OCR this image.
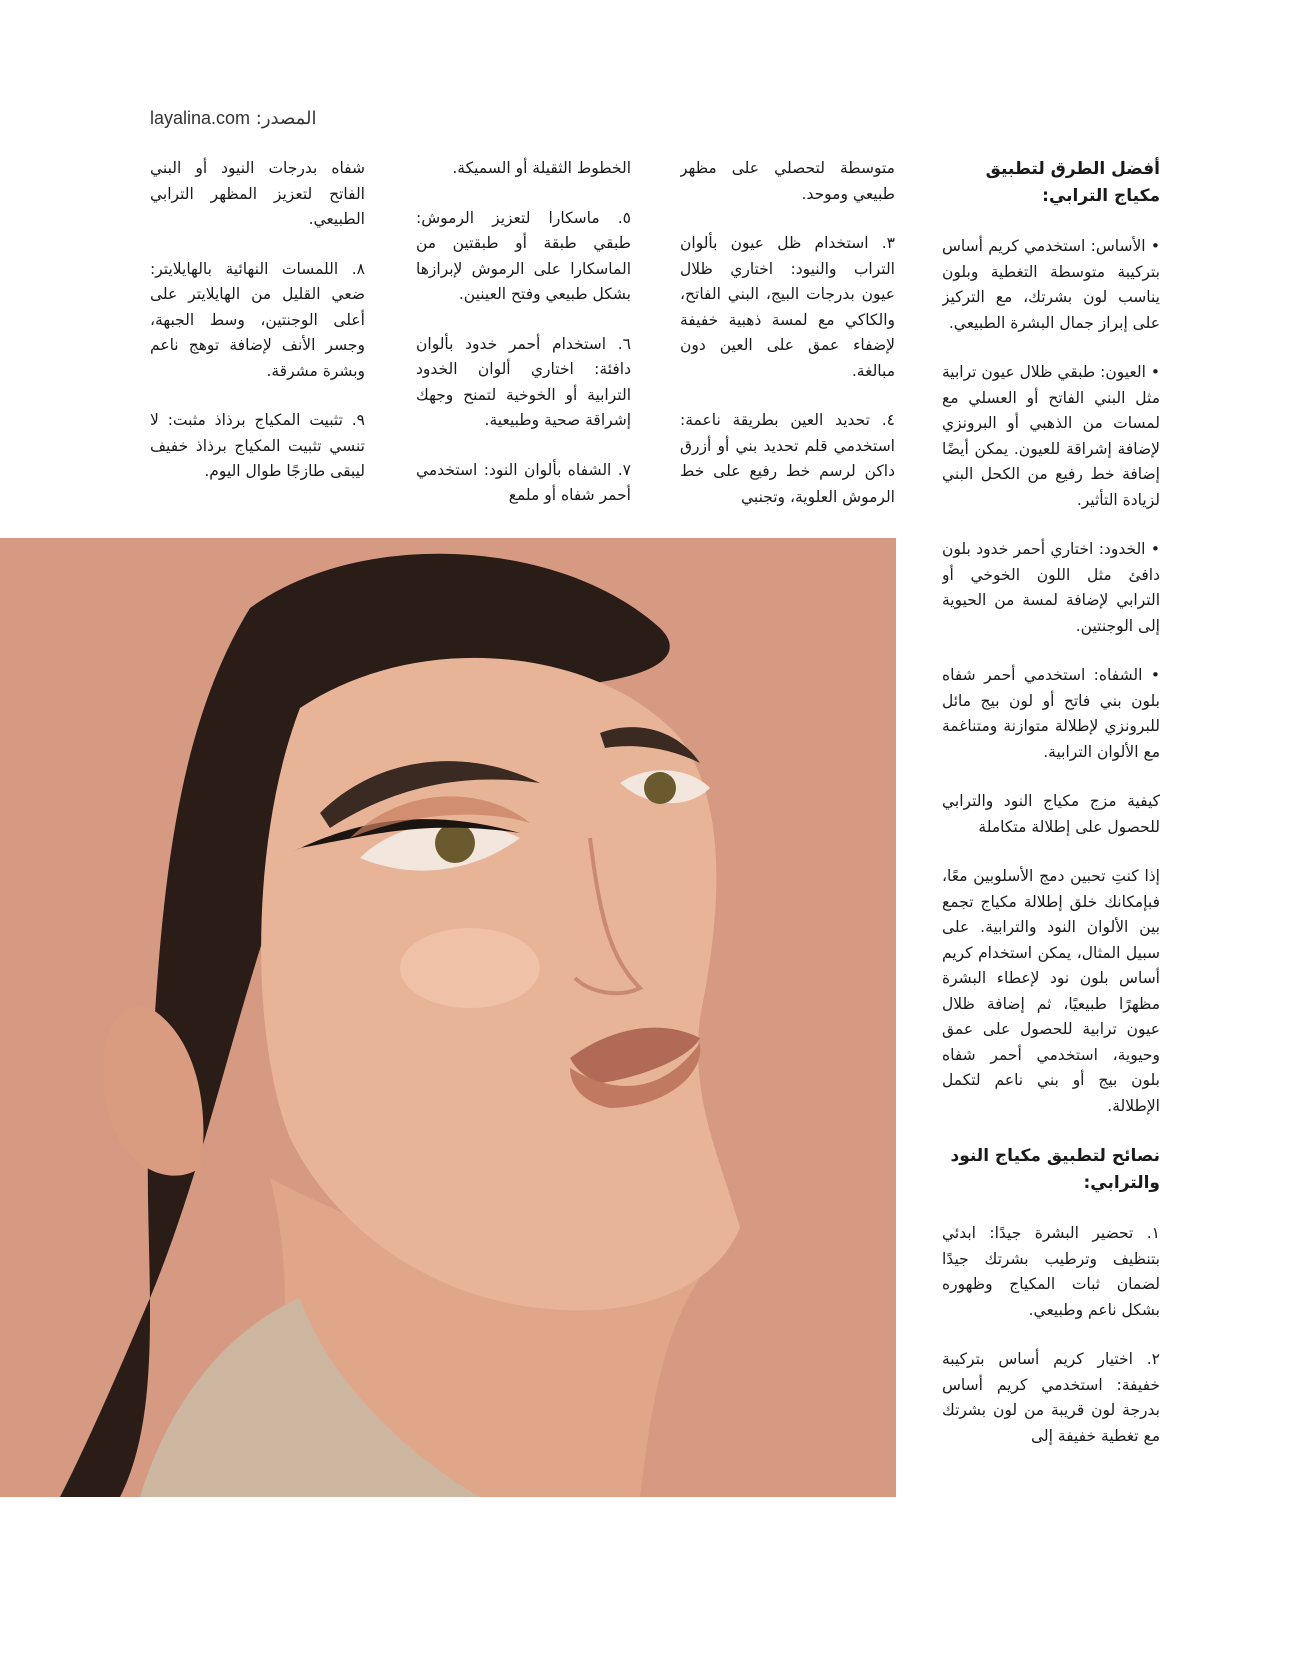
المصدر: layalina.com
أفضل الطرق لتطبيق مكياج الترابي:

• الأساس: استخدمي كريم أساس بتركيبة متوسطة التغطية وبلون يناسب لون بشرتك، مع التركيز على إبراز جمال البشرة الطبيعي.

• العيون: طبقي ظلال عيون ترابية مثل البني الفاتح أو العسلي مع لمسات من الذهبي أو البرونزي لإضافة إشراقة للعيون. يمكن أيضًا إضافة خط رفيع من الكحل البني لزيادة التأثير.

• الخدود: اختاري أحمر خدود بلون دافئ مثل اللون الخوخي أو الترابي لإضافة لمسة من الحيوية إلى الوجنتين.

• الشفاه: استخدمي أحمر شفاه بلون بني فاتح أو لون بيج مائل للبرونزي لإطلالة متوازنة ومتناغمة مع الألوان الترابية.

كيفية مزج مكياج النود والترابي للحصول على إطلالة متكاملة

إذا كنتِ تحبين دمج الأسلوبين معًا، فبإمكانك خلق إطلالة مكياج تجمع بين الألوان النود والترابية. على سبيل المثال، يمكن استخدام كريم أساس بلون نود لإعطاء البشرة مظهرًا طبيعيًا، ثم إضافة ظلال عيون ترابية للحصول على عمق وحيوية، استخدمي أحمر شفاه بلون بيج أو بني ناعم لتكمل الإطلالة.

نصائح لتطبيق مكياج النود والترابي:

١. تحضير البشرة جيدًا: ابدئي بتنظيف وترطيب بشرتك جيدًا لضمان ثبات المكياج وظهوره بشكل ناعم وطبيعي.

٢. اختيار كريم أساس بتركيبة خفيفة: استخدمي كريم أساس بدرجة لون قريبة من لون بشرتك مع تغطية خفيفة إلى

متوسطة لتحصلي على مظهر طبيعي وموحد.

٣. استخدام ظل عيون بألوان التراب والنيود: اختاري ظلال عيون بدرجات البيج، البني الفاتح، والكاكي مع لمسة ذهبية خفيفة لإضفاء عمق على العين دون مبالغة.

٤. تحديد العين بطريقة ناعمة: استخدمي قلم تحديد بني أو أزرق داكن لرسم خط رفيع على خط الرموش العلوية، وتجنبي

الخطوط الثقيلة أو السميكة.

٥. ماسكارا لتعزيز الرموش: طبقي طبقة أو طبقتين من الماسكارا على الرموش لإبرازها بشكل طبيعي وفتح العينين.

٦. استخدام أحمر خدود بألوان دافئة: اختاري ألوان الخدود الترابية أو الخوخية لتمنح وجهك إشراقة صحية وطبيعية.

٧. الشفاه بألوان النود: استخدمي أحمر شفاه أو ملمع

شفاه بدرجات النيود أو البني الفاتح لتعزيز المظهر الترابي الطبيعي.

٨. اللمسات النهائية بالهايلايتر: ضعي القليل من الهايلايتر على أعلى الوجنتين، وسط الجبهة، وجسر الأنف لإضافة توهج ناعم وبشرة مشرقة.

٩. تثبيت المكياج برذاذ مثبت: لا تنسي تثبيت المكياج برذاذ خفيف ليبقى طازجًا طوال اليوم.
